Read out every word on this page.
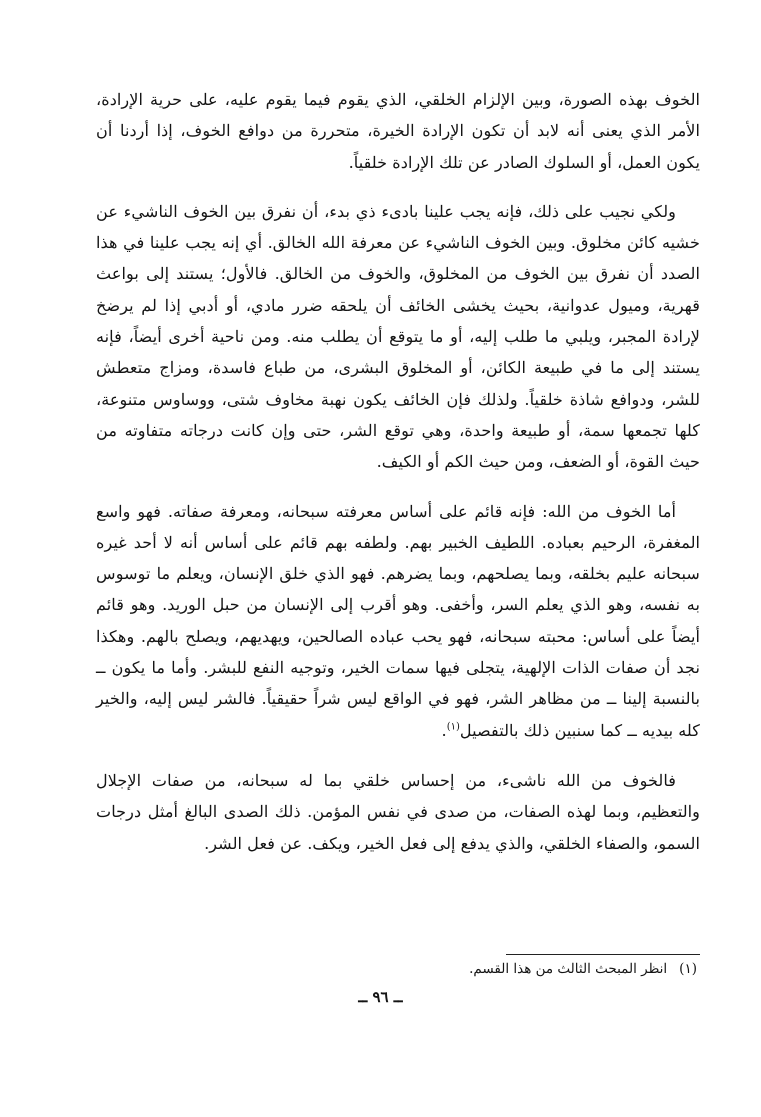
الخوف بهذه الصورة، وبين الإلزام الخلقي، الذي يقوم فيما يقوم عليه، على حرية الإرادة، الأمر الذي يعنى أنه لابد أن تكون الإرادة الخيرة، متحررة من دوافع الخوف، إذا أردنا أن يكون العمل، أو السلوك الصادر عن تلك الإرادة خلقياً.

ولكي نجيب على ذلك، فإنه يجب علينا بادىء ذي بدء، أن نفرق بين الخوف الناشيء عن خشيه كائن مخلوق. وبين الخوف الناشيء عن معرفة الله الخالق. أي إنه يجب علينا في هذا الصدد أن نفرق بين الخوف من المخلوق، والخوف من الخالق. فالأول؛ يستند إلى بواعث قهرية، وميول عدوانية، بحيث يخشى الخائف أن يلحقه ضرر مادي، أو أدبي إذا لم يرضخ لإرادة المجبر، ويلبي ما طلب إليه، أو ما يتوقع أن يطلب منه. ومن ناحية أخرى أيضاً، فإنه يستند إلى ما في طبيعة الكائن، أو المخلوق البشرى، من طباع فاسدة، ومزاج متعطش للشر، ودوافع شاذة خلقياً. ولذلك فإن الخائف يكون نهبة مخاوف شتى، ووساوس متنوعة، كلها تجمعها سمة، أو طبيعة واحدة، وهي توقع الشر، حتى وإن كانت درجاته متفاوته من حيث القوة، أو الضعف، ومن حيث الكم أو الكيف.

أما الخوف من الله: فإنه قائم على أساس معرفته سبحانه، ومعرفة صفاته. فهو واسع المغفرة، الرحيم بعباده. اللطيف الخبير بهم. ولطفه بهم قائم على أساس أنه لا أحد غيره سبحانه عليم بخلقه، وبما يصلحهم، وبما يضرهم. فهو الذي خلق الإنسان، ويعلم ما توسوس به نفسه، وهو الذي يعلم السر، وأخفى. وهو أقرب إلى الإنسان من حبل الوريد. وهو قائم أيضاً على أساس: محبته سبحانه، فهو يحب عباده الصالحين، ويهديهم، ويصلح بالهم. وهكذا نجد أن صفات الذات الإلهية، يتجلى فيها سمات الخير، وتوجيه النفع للبشر. وأما ما يكون ــ بالنسبة إلينا ــ من مظاهر الشر، فهو في الواقع ليس شراً حقيقياً. فالشر ليس إليه، والخير كله بيديه ــ كما سنبين ذلك بالتفصيل$^{(١)}$.

فالخوف من الله ناشىء، من إحساس خلقي بما له سبحانه، من صفات الإجلال والتعظيم، وبما لهذه الصفات، من صدى في نفس المؤمن. ذلك الصدى البالغ أمثل درجات السمو، والصفاء الخلقي، والذي يدفع إلى فعل الخير، ويكف. عن فعل الشر.

(١)انظر المبحث الثالث من هذا القسم.
ــ ٩٦ ــ
